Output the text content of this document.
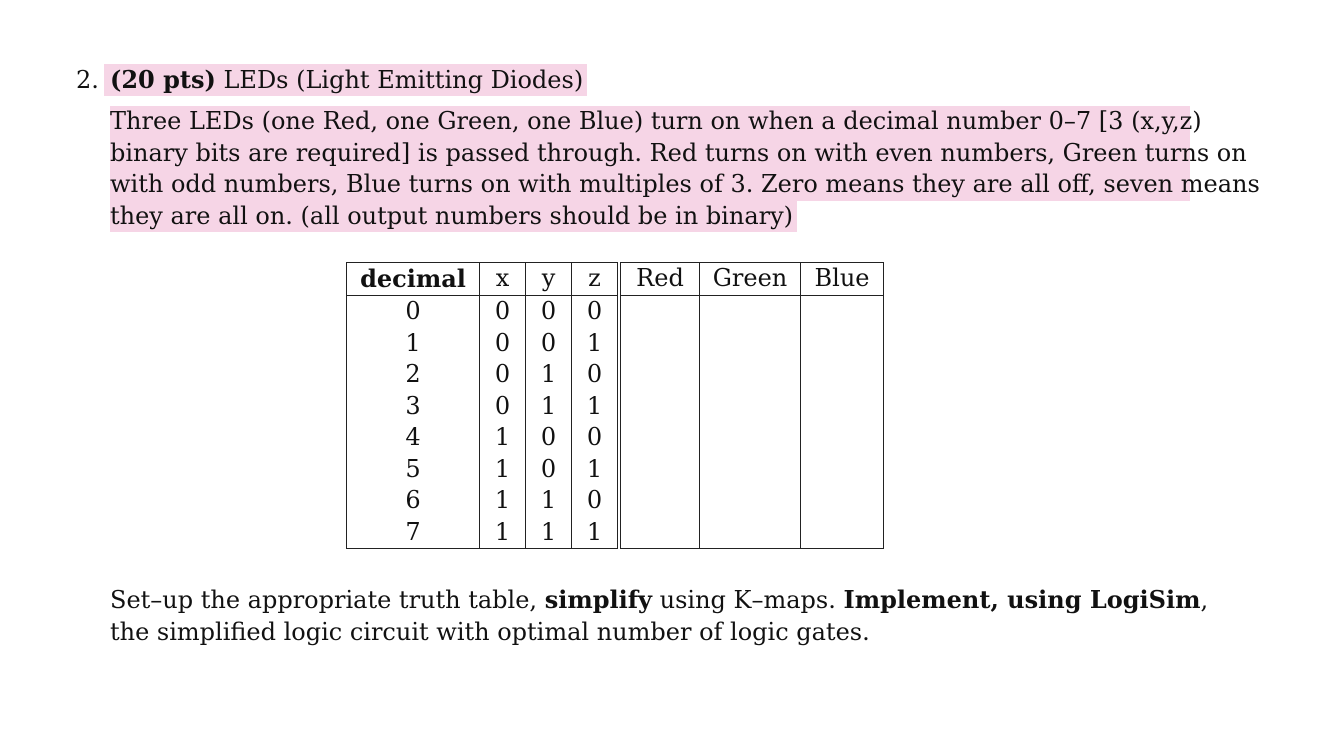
2. (20 pts) LEDs (Light Emitting Diodes)
Three LEDs (one Red, one Green, one Blue) turn on when a decimal number 0–7 [3 (x,y,z)
binary bits are required] is passed through. Red turns on with even numbers, Green turns on
with odd numbers, Blue turns on with multiples of 3. Zero means they are all off, seven means
they are all on. (all output numbers should be in binary)
decimal	x	y	z	Red	Green	Blue
0	0	0	0			
1	0	0	1			
2	0	1	0			
3	0	1	1			
4	1	0	0			
5	1	0	1			
6	1	1	0			
7	1	1	1			
Set–up the appropriate truth table, simplify using K–maps. Implement, using LogiSim,
the simplified logic circuit with optimal number of logic gates.
